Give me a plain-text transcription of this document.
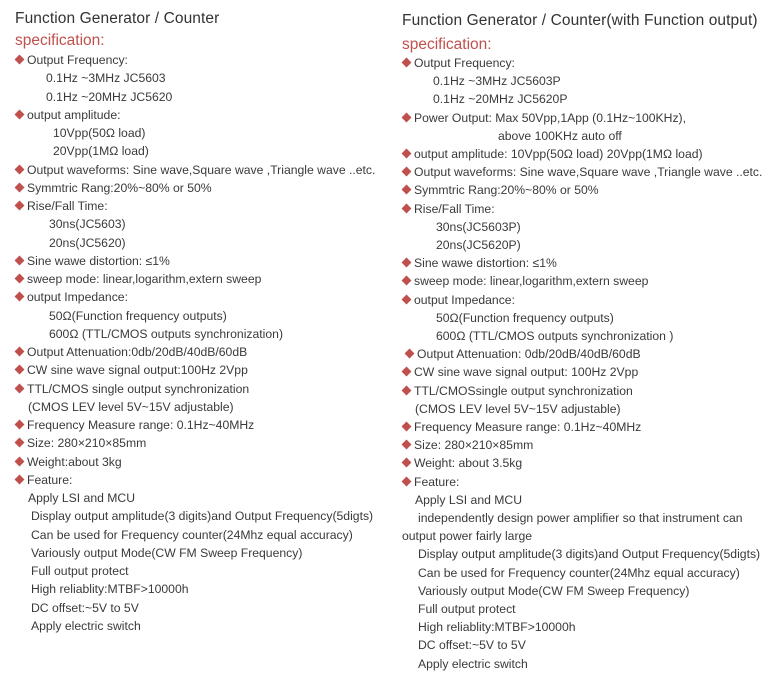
Function Generator / Counter
specification:
Output Frequency:
0.1Hz ~3MHz JC5603
0.1Hz ~20MHz JC5620
output amplitude:
10Vpp(50Ω load)
20Vpp(1MΩ load)
Output waveforms: Sine wave,Square wave ,Triangle wave ..etc.
Symmtric Rang:20%~80% or 50%
Rise/Fall Time:
30ns(JC5603)
20ns(JC5620)
Sine wawe distortion: ≤1%
sweep mode: linear,logarithm,extern sweep
output Impedance:
50Ω(Function frequency outputs)
600Ω (TTL/CMOS outputs synchronization)
Output Attenuation:0db/20dB/40dB/60dB
CW sine wave signal output:100Hz 2Vpp
TTL/CMOS single output synchronization
(CMOS LEV level 5V~15V adjustable)
Frequency Measure range: 0.1Hz~40MHz
Size: 280×210×85mm
Weight:about 3kg
Feature:
Apply LSI and MCU
Display output amplitude(3 digits)and Output Frequency(5digts)
Can be used for Frequency counter(24Mhz equal accuracy)
Variously output Mode(CW FM Sweep Frequency)
Full output protect
High reliablity:MTBF>10000h
DC offset:~5V to 5V
Apply electric switch
Function Generator / Counter(with Function output)
specification:
Output Frequency:
0.1Hz ~3MHz JC5603P
0.1Hz ~20MHz JC5620P
Power Output: Max 50Vpp,1App (0.1Hz~100KHz),
above 100KHz auto off
output amplitude: 10Vpp(50Ω load) 20Vpp(1MΩ load)
Output waveforms: Sine wave,Square wave ,Triangle wave ..etc.
Symmtric Rang:20%~80% or 50%
Rise/Fall Time:
30ns(JC5603P)
20ns(JC5620P)
Sine wawe distortion: ≤1%
sweep mode: linear,logarithm,extern sweep
output Impedance:
50Ω(Function frequency outputs)
600Ω (TTL/CMOS outputs synchronization )
Output Attenuation: 0db/20dB/40dB/60dB
CW sine wave signal output: 100Hz 2Vpp
TTL/CMOSsingle output synchronization
(CMOS LEV level 5V~15V adjustable)
Frequency Measure range: 0.1Hz~40MHz
Size: 280×210×85mm
Weight: about 3.5kg
Feature:
Apply LSI and MCU
independently design power amplifier so that instrument can
output power fairly large
Display output amplitude(3 digits)and Output Frequency(5digts)
Can be used for Frequency counter(24Mhz equal accuracy)
Variously output Mode(CW FM Sweep Frequency)
Full output protect
High reliablity:MTBF>10000h
DC offset:~5V to 5V
Apply electric switch
